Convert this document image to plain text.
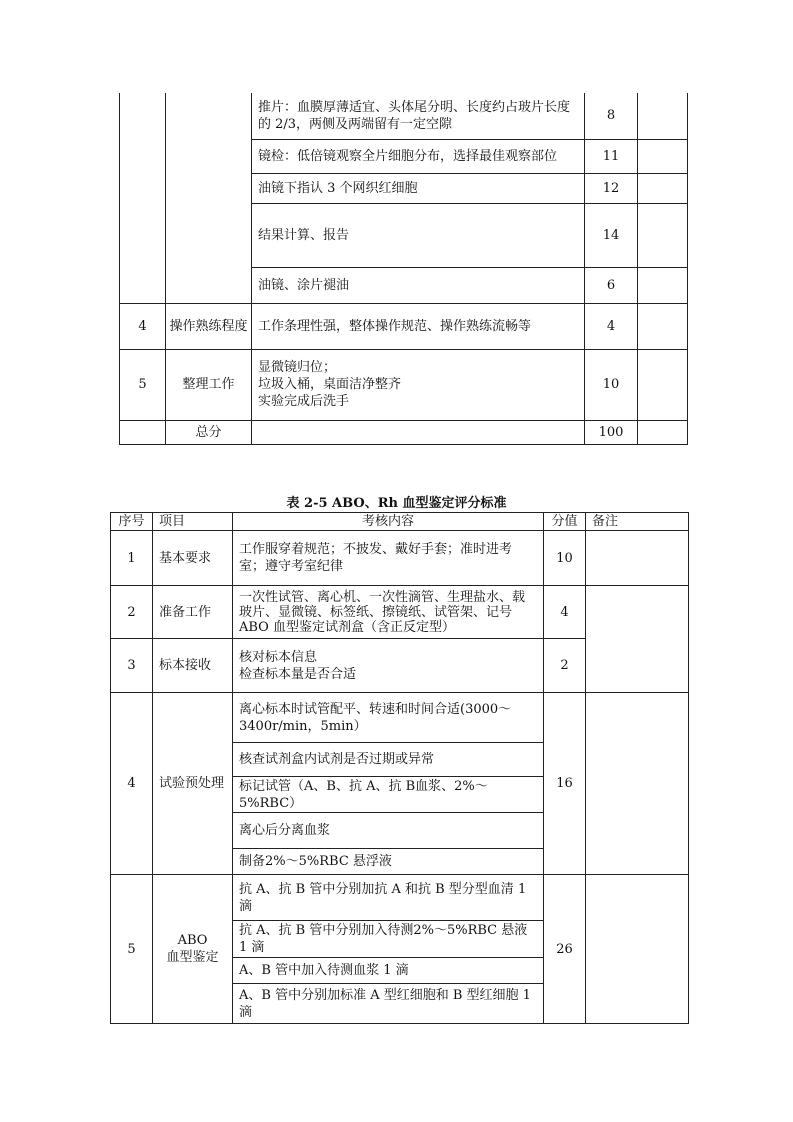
		推片：血膜厚薄适宜、头体尾分明、长度约占玻片长度的 2/3，两侧及两端留有一定空隙	8	
		镜检：低倍镜观察全片细胞分布，选择最佳观察部位	11	
		油镜下指认 3 个网织红细胞	12	
		结果计算、报告	14	
		油镜、涂片褪油	6	
4	操作熟练程度	工作条理性强，整体操作规范、操作熟练流畅等	4	
5	整理工作	显微镜归位；
垃圾入桶，桌面洁净整齐
实验完成后洗手	10	
	总分		100	
表 2-5 ABO、Rh 血型鉴定评分标准
序号	项目	考核内容	分值	备注
1	基本要求	工作服穿着规范；不披发、戴好手套；准时进考室；遵守考室纪律	10	
2	准备工作	一次性试管、离心机、一次性滴管、生理盐水、载玻片、显微镜、标签纸、擦镜纸、试管架、记号 ABO 血型鉴定试剂盒（含正反定型）	4	
3	标本接收	核对标本信息
检查标本量是否合适	2	
4	试验预处理	离心标本时试管配平、转速和时间合适(3000～3400r/min，5min）	16	
		核查试剂盒内试剂是否过期或异常		
		标记试管（A、B、抗 A、抗 B血浆、2%～5%RBC）		
		离心后分离血浆		
		制备2%～5%RBC 悬浮液		
5	ABO
血型鉴定	抗 A、抗 B 管中分别加抗 A 和抗 B 型分型血清 1 滴	26	
		抗 A、抗 B 管中分别加入待测2%～5%RBC 悬液 1 滴		
		A、B 管中加入待测血浆 1 滴		
		A、B 管中分别加标准 A 型红细胞和 B 型红细胞 1 滴		
